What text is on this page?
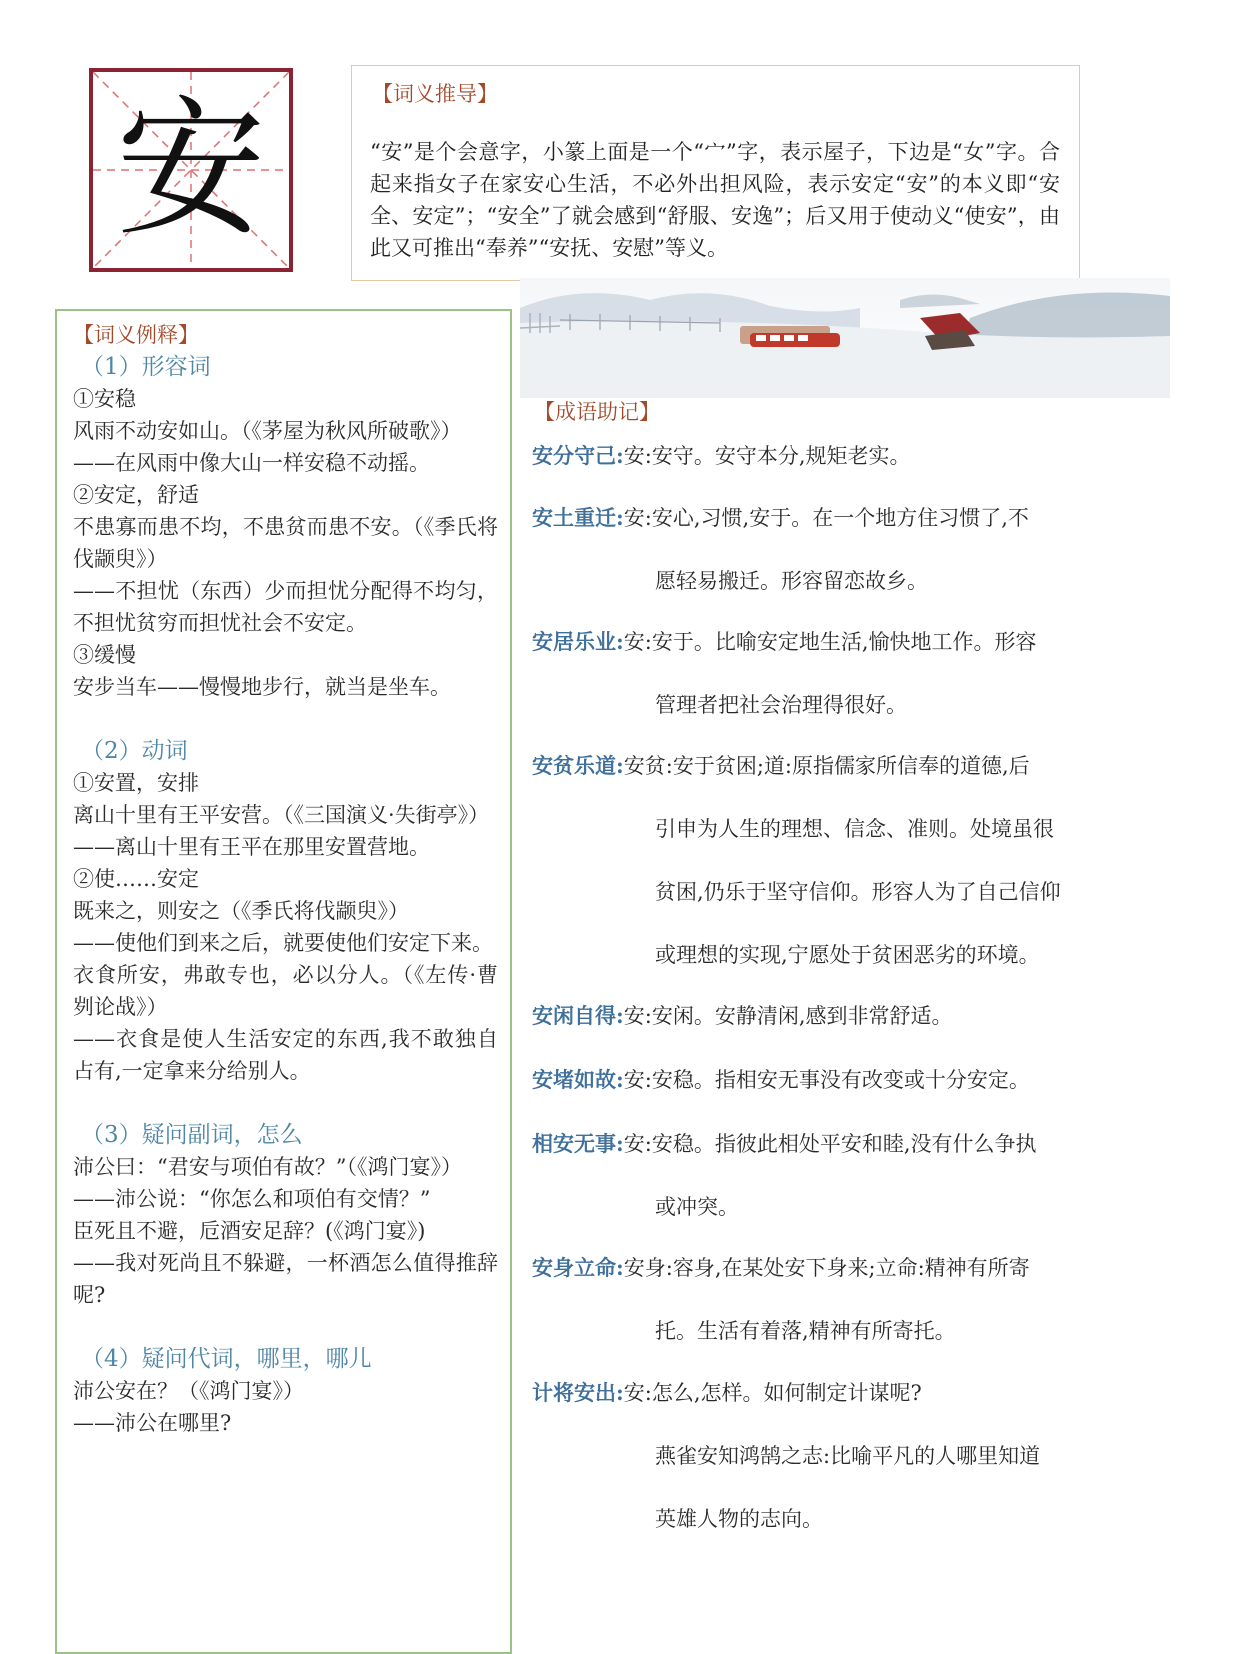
安	【词义推导】
“安”是个会意字，小篆上面是一个“宀”字，表示屋子，下边是“女”字。合起来指女子在家安心生活，不必外出担风险，表示安定“安”的本义即“安全、安定”；“安全”了就会感到“舒服、安逸”；后又用于使动义“使安”，由此又可推出“奉养”“安抚、安慰”等义。
【词义例释】
（1）形容词
①安稳
风雨不动安如山。（《茅屋为秋风所破歌》）
——在风雨中像大山一样安稳不动摇。
②安定，舒适
不患寡而患不均，不患贫而患不安。（《季氏将伐颛臾》）
——不担忧（东西）少而担忧分配得不均匀，不担忧贫穷而担忧社会不安定。
③缓慢
安步当车——慢慢地步行，就当是坐车。
（2）动词
①安置，安排
离山十里有王平安营。（《三国演义·失街亭》）
——离山十里有王平在那里安置营地。
②使……安定
既来之，则安之（《季氏将伐颛臾》）
——使他们到来之后，就要使他们安定下来。
衣食所安，弗敢专也，必以分人。（《左传·曹刿论战》）
——衣食是使人生活安定的东西,我不敢独自占有,一定拿来分给别人。
（3）疑问副词，怎么
沛公曰：“君安与项伯有故？”（《鸿门宴》）
——沛公说：“你怎么和项伯有交情？”
臣死且不避，卮酒安足辞？(《鸿门宴》)
——我对死尚且不躲避，一杯酒怎么值得推辞呢?
（4）疑问代词，哪里，哪儿
沛公安在？（《鸿门宴》）
——沛公在哪里?
【成语助记】
安分守己:安:安守。安守本分,规矩老实。
安土重迁:安:安心,习惯,安于。在一个地方住习惯了,不
愿轻易搬迁。形容留恋故乡。
安居乐业:安:安于。比喻安定地生活,愉快地工作。形容
管理者把社会治理得很好。
安贫乐道:安贫:安于贫困;道:原指儒家所信奉的道德,后
引申为人生的理想、信念、准则。处境虽很
贫困,仍乐于坚守信仰。形容人为了自己信仰
或理想的实现,宁愿处于贫困恶劣的环境。
安闲自得:安:安闲。安静清闲,感到非常舒适。
安堵如故:安:安稳。指相安无事没有改变或十分安定。
相安无事:安:安稳。指彼此相处平安和睦,没有什么争执
或冲突。
安身立命:安身:容身,在某处安下身来;立命:精神有所寄
托。生活有着落,精神有所寄托。
计将安出:安:怎么,怎样。如何制定计谋呢?
燕雀安知鸿鹄之志:比喻平凡的人哪里知道
英雄人物的志向。
